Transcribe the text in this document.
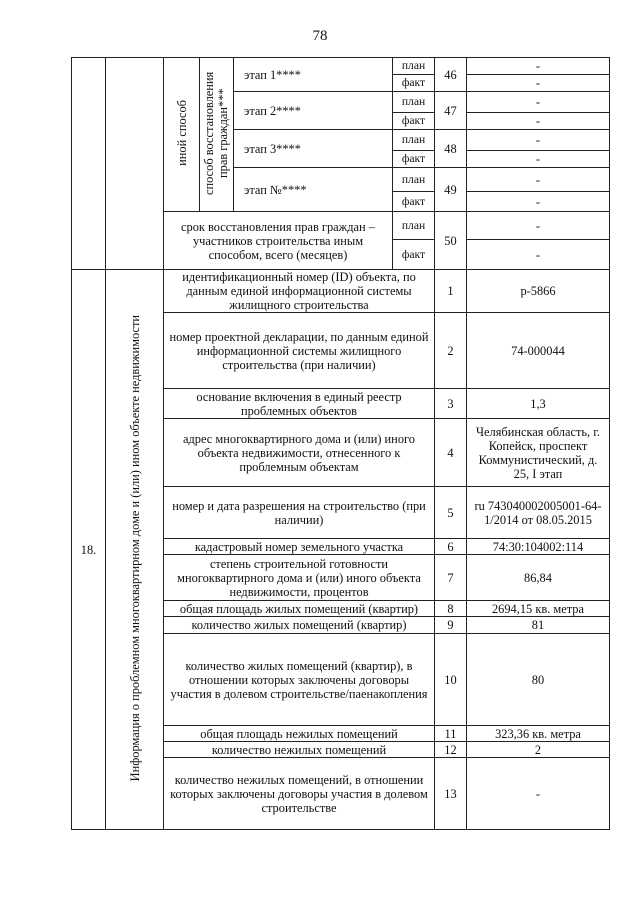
78
		иной способ	способ восстановления прав граждан***	этап 1****	план	46	-
					факт		-
				этап 2****	план	47	-
					факт		-
				этап 3****	план	48	-
					факт		-
				этап №****	план	49	-
					факт		-
		срок восстановления прав граждан – участников строительства иным способом, всего (месяцев)			план	50	-
					факт		-
18.	Информация о проблемном многоквартирном доме и (или) ином объекте недвижимости	идентификационный номер (ID) объекта, по данным единой информационной системы жилищного строительства				1	р-5866
		номер проектной декларации, по данным единой информационной системы жилищного строительства (при наличии)				2	74-000044
		основание включения в единый реестр проблемных объектов				3	1,3
		адрес многоквартирного дома и (или) иного объекта недвижимости, отнесенного к проблемным объектам				4	Челябинская область, г. Копейск, проспект Коммунистический, д. 25, I этап
		номер и дата разрешения на строительство (при наличии)				5	ru 743040002005001-64-1/2014 от 08.05.2015
		кадастровый номер земельного участка				6	74:30:104002:114
		степень строительной готовности многоквартирного дома и (или) иного объекта недвижимости, процентов				7	86,84
		общая площадь жилых помещений (квартир)				8	2694,15 кв. метра
		количество жилых помещений (квартир)				9	81
		количество жилых помещений (квартир), в отношении которых заключены договоры участия в долевом строительстве/паенакопления				10	80
		общая площадь нежилых помещений				11	323,36 кв. метра
		количество нежилых помещений				12	2
		количество нежилых помещений, в отношении которых заключены договоры участия в долевом строительстве				13	-
